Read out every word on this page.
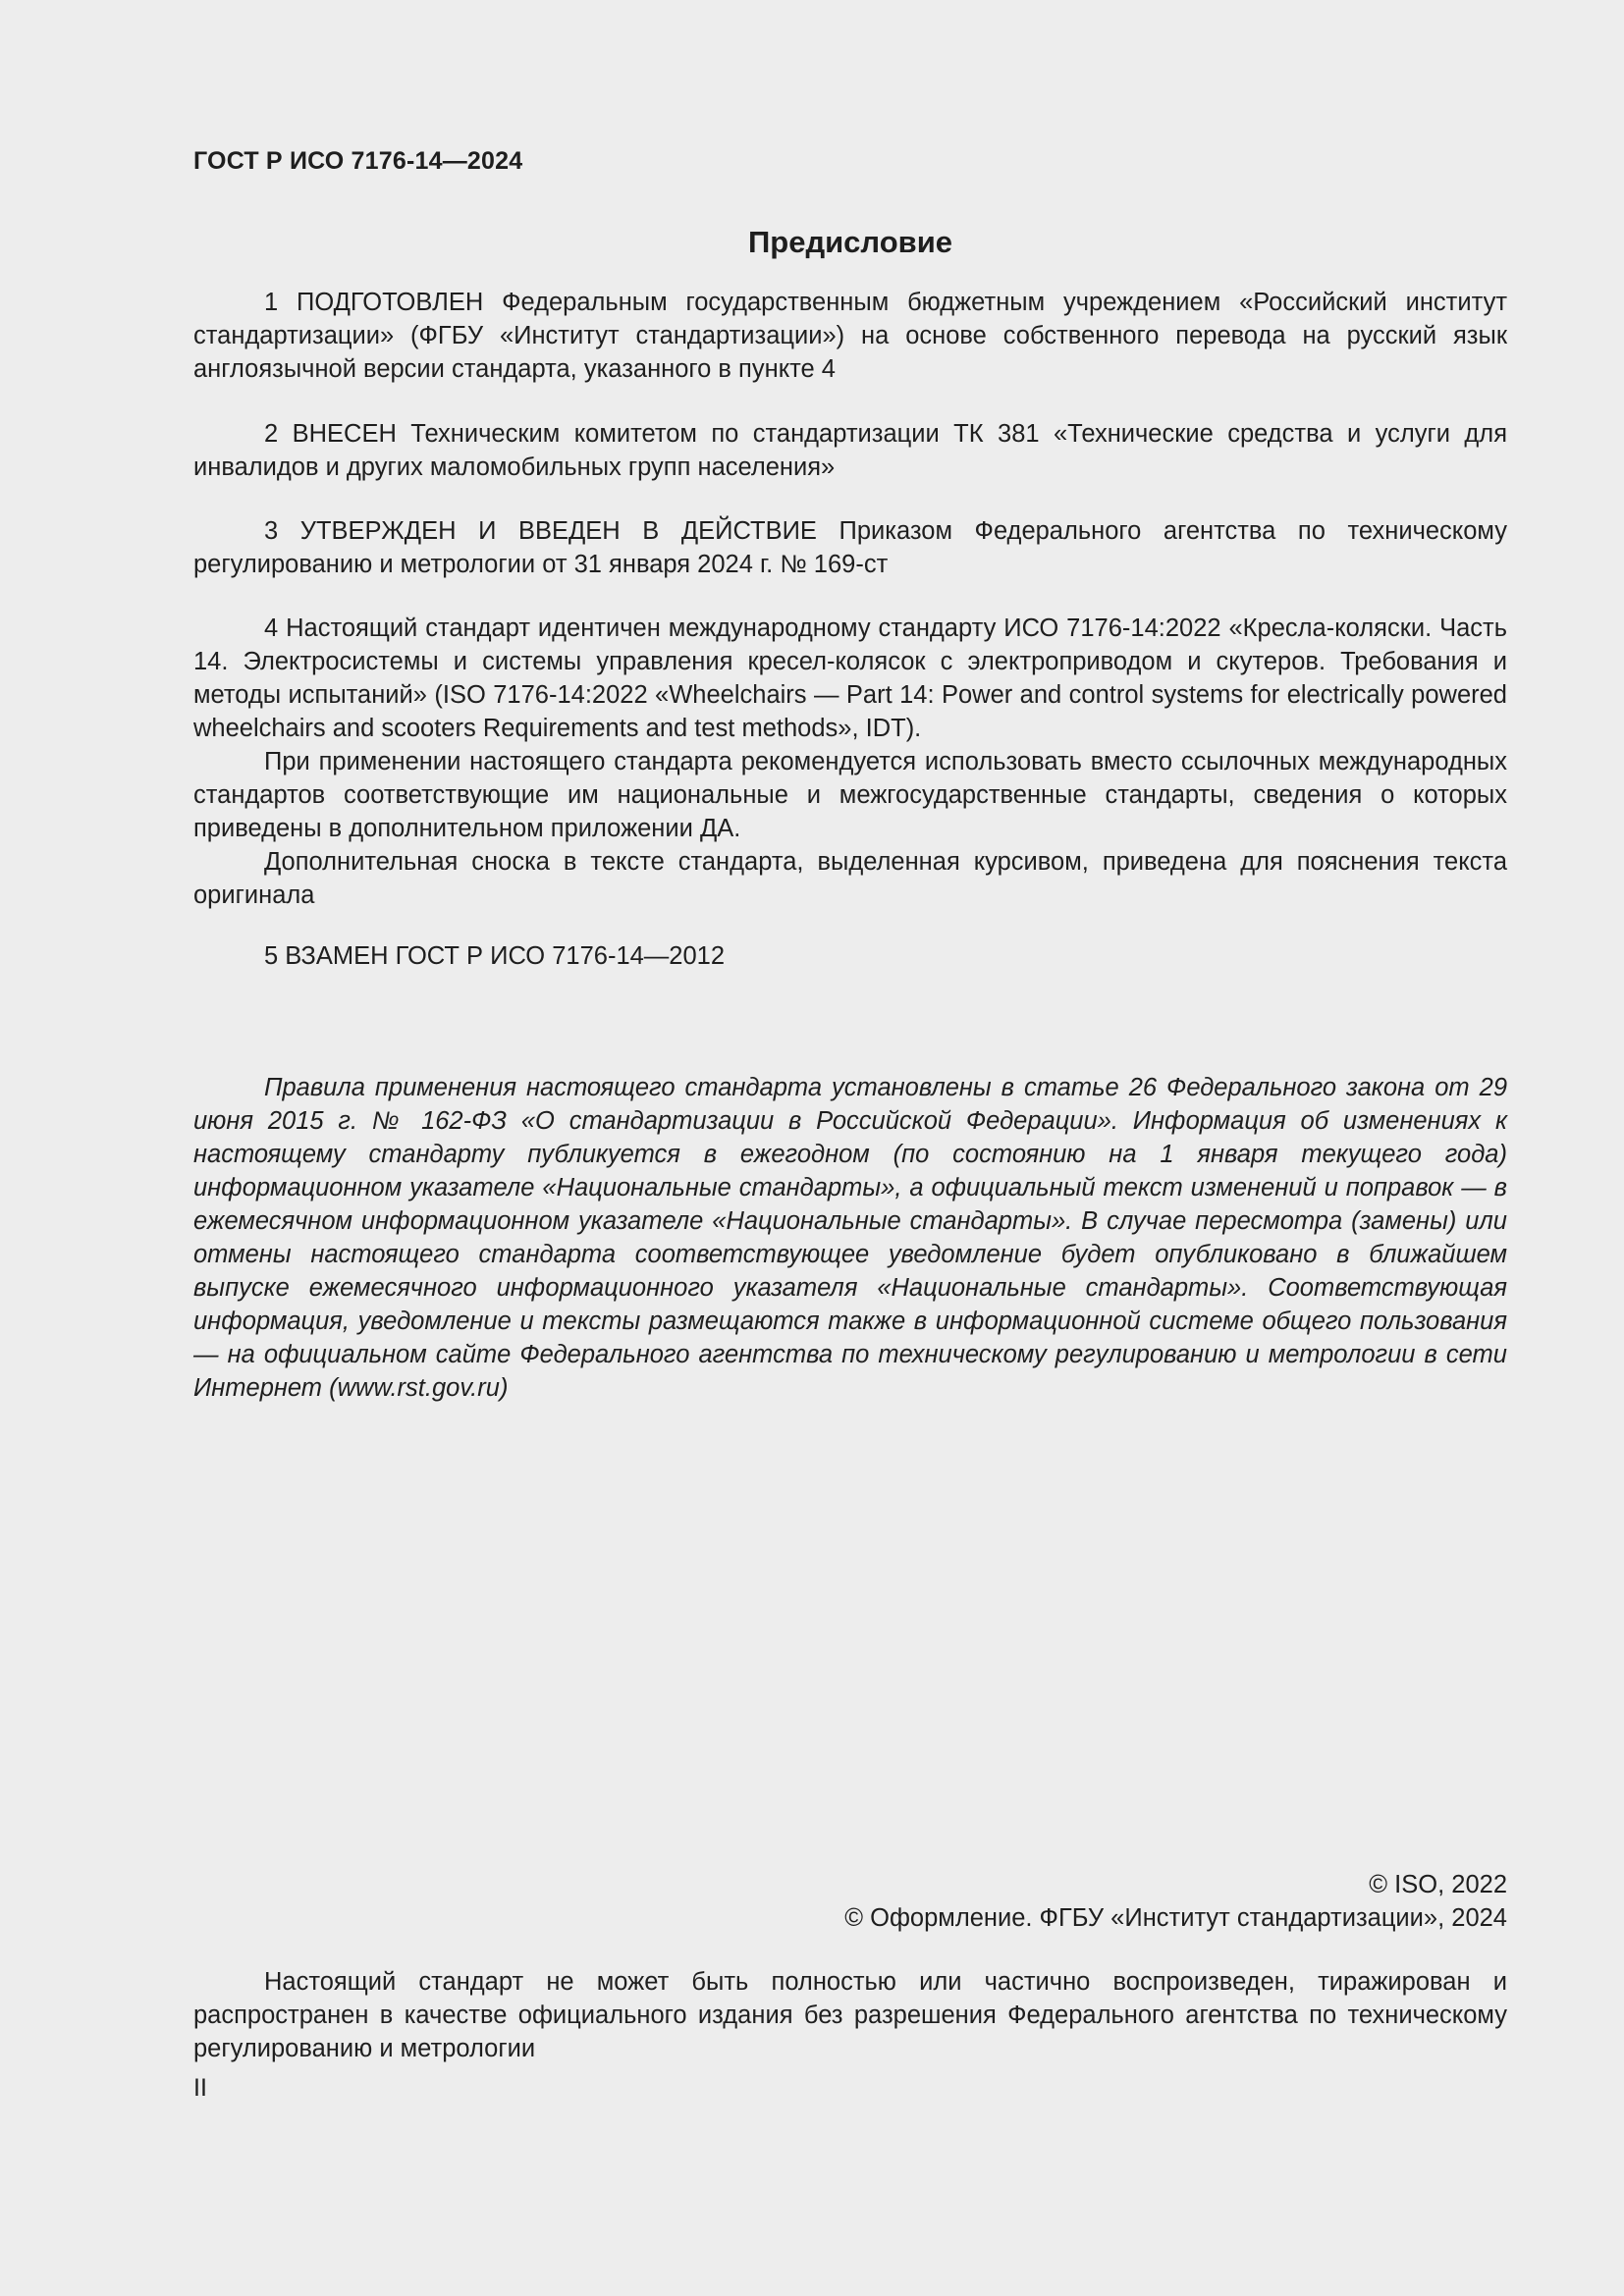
ГОСТ Р ИСО 7176-14—2024
Предисловие

1 ПОДГОТОВЛЕН Федеральным государственным бюджетным учреждением «Российский институт стандартизации» (ФГБУ «Институт стандартизации») на основе собственного перевода на русский язык англоязычной версии стандарта, указанного в пункте 4

2 ВНЕСЕН Техническим комитетом по стандартизации ТК 381 «Технические средства и услуги для инвалидов и других маломобильных групп населения»

3 УТВЕРЖДЕН И ВВЕДЕН В ДЕЙСТВИЕ Приказом Федерального агентства по техническому регулированию и метрологии от 31 января 2024 г. № 169-ст

4 Настоящий стандарт идентичен международному стандарту ИСО 7176-14:2022 «Кресла-коляски. Часть 14. Электросистемы и системы управления кресел-колясок с электроприводом и скутеров. Требования и методы испытаний» (ISO 7176-14:2022 «Wheelchairs — Part 14: Power and control systems for electrically powered wheelchairs and scooters Requirements and test methods», IDT).

При применении настоящего стандарта рекомендуется использовать вместо ссылочных международных стандартов соответствующие им национальные и межгосударственные стандарты, сведения о которых приведены в дополнительном приложении ДА.

Дополнительная сноска в тексте стандарта, выделенная курсивом, приведена для пояснения текста оригинала

5 ВЗАМЕН ГОСТ Р ИСО 7176-14—2012

Правила применения настоящего стандарта установлены в статье 26 Федерального закона от 29 июня 2015 г. № 162-ФЗ «О стандартизации в Российской Федерации». Информация об изменениях к настоящему стандарту публикуется в ежегодном (по состоянию на 1 января текущего года) информационном указателе «Национальные стандарты», а официальный текст изменений и поправок — в ежемесячном информационном указателе «Национальные стандарты». В случае пересмотра (замены) или отмены настоящего стандарта соответствующее уведомление будет опубликовано в ближайшем выпуске ежемесячного информационного указателя «Национальные стандарты». Соответствующая информация, уведомление и тексты размещаются также в информационной системе общего пользования — на официальном сайте Федерального агентства по техническому регулированию и метрологии в сети Интернет (www.rst.gov.ru)

© ISO, 2022
© Оформление. ФГБУ «Институт стандартизации», 2024

Настоящий стандарт не может быть полностью или частично воспроизведен, тиражирован и распространен в качестве официального издания без разрешения Федерального агентства по техническому регулированию и метрологии

II
